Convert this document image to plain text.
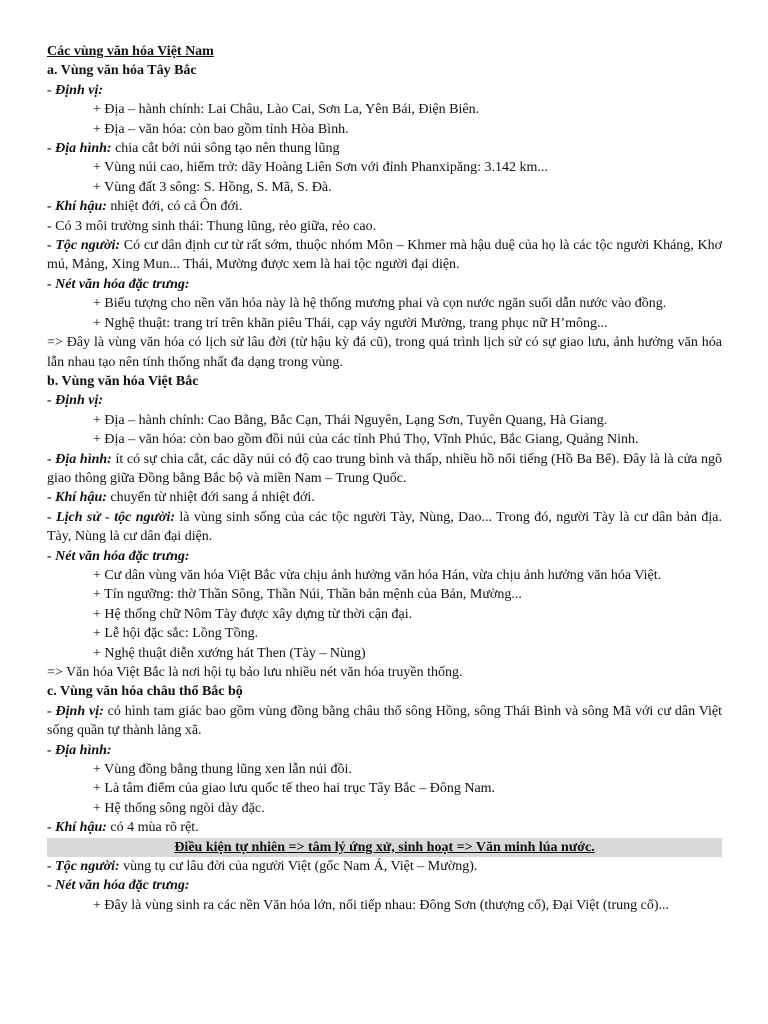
Các vùng văn hóa Việt Nam

a. Vùng văn hóa Tây Bắc

- Định vị:

+ Địa – hành chính: Lai Châu, Lào Cai, Sơn La, Yên Bái, Điện Biên.

+ Địa – văn hóa: còn bao gồm tỉnh Hòa Bình.

- Địa hình: chia cắt bởi núi sông tạo nên thung lũng

+ Vùng núi cao, hiểm trở: dãy Hoàng Liên Sơn với đỉnh Phanxipăng: 3.142 km...

+ Vùng đất 3 sông: S. Hồng, S. Mã, S. Đà.

- Khí hậu: nhiệt đới, có cả Ôn đới.

- Có 3 môi trường sinh thái: Thung lũng, rẻo giữa, rẻo cao.

- Tộc người: Có cư dân định cư từ rất sớm, thuộc nhóm Môn – Khmer mà hậu duệ của họ là các tộc người Kháng, Khơ mú, Mảng, Xing Mun... Thái, Mường được xem là hai tộc người đại diện.

- Nét văn hóa đặc trưng:

+ Biểu tượng cho nền văn hóa này là hệ thống mương phai và cọn nước ngăn suối dẫn nước vào đồng.

+ Nghệ thuật: trang trí trên khăn piêu Thái, cạp váy người Mường, trang phục nữ H’mông...

=> Đây là vùng văn hóa có lịch sử lâu đời (từ hậu kỳ đá cũ), trong quá trình lịch sử có sự giao lưu, ảnh hưởng văn hóa lẫn nhau tạo nên tính thống nhất đa dạng trong vùng.

b. Vùng văn hóa Việt Bắc

- Định vị:

+ Địa – hành chính: Cao Bằng, Bắc Cạn, Thái Nguyên, Lạng Sơn, Tuyên Quang, Hà Giang.

+ Địa – văn hóa: còn bao gồm đồi núi của các tỉnh Phú Thọ, Vĩnh Phúc, Bắc Giang, Quảng Ninh.

- Địa hình: ít có sự chia cắt, các dãy núi có độ cao trung bình và thấp, nhiều hồ nổi tiếng (Hồ Ba Bể). Đây là là cửa ngõ giao thông giữa Đồng bằng Bắc bộ và miền Nam – Trung Quốc.

- Khí hậu: chuyển từ nhiệt đới sang á nhiệt đới.

- Lịch sử - tộc người: là vùng sinh sống của các tộc người Tày, Nùng, Dao... Trong đó, người Tày là cư dân bản địa. Tày, Nùng là cư dân đại diện.

- Nét văn hóa đặc trưng:

+ Cư dân vùng văn hóa Việt Bắc vừa chịu ảnh hưởng văn hóa Hán, vừa chịu ảnh hưởng văn hóa Việt.

+ Tín ngưỡng: thờ Thần Sông, Thần Núi, Thần bản mệnh của Bản, Mường...

+ Hệ thống chữ Nôm Tày được xây dựng từ thời cận đại.

+ Lễ hội đặc sắc: Lồng Tồng.

+ Nghệ thuật diễn xướng hát Then (Tày – Nùng)

=> Văn hóa Việt Bắc là nơi hội tụ bảo lưu nhiều nét văn hóa truyền thống.

c. Vùng văn hóa châu thổ Bắc bộ

- Định vị: có hình tam giác bao gồm vùng đồng bằng châu thổ sông Hồng, sông Thái Bình và sông Mã với cư dân Việt sống quần tự thành làng xã.

- Địa hình:

+ Vùng đồng bằng thung lũng xen lẫn núi đồi.

+ Là tâm điểm của giao lưu quốc tế theo hai trục Tây Bắc – Đông Nam.

+ Hệ thống sông ngòi dày đặc.

- Khí hậu: có 4 mùa rõ rệt.

Điều kiện tự nhiên => tâm lý ứng xử, sinh hoạt => Văn minh lúa nước.

- Tộc người: vùng tụ cư lâu đời của người Việt (gốc Nam Á, Việt – Mường).

- Nét văn hóa đặc trưng:

+ Đây là vùng sinh ra các nền Văn hóa lớn, nối tiếp nhau: Đông Sơn (thượng cổ), Đại Việt (trung cổ)...
